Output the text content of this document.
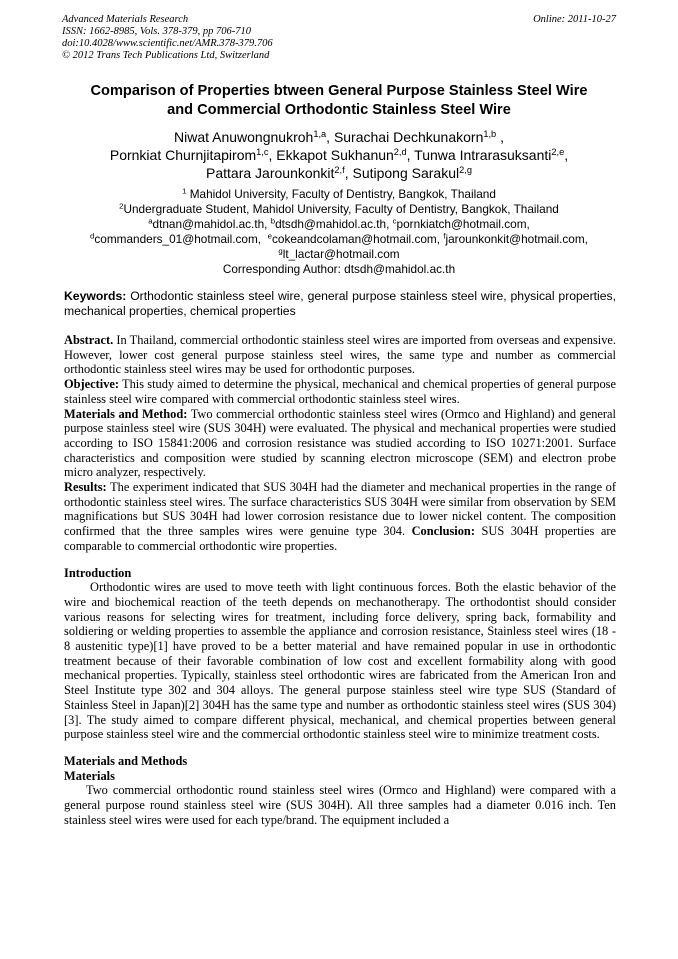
Advanced Materials Research
ISSN: 1662-8985, Vols. 378-379, pp 706-710
doi:10.4028/www.scientific.net/AMR.378-379.706
© 2012 Trans Tech Publications Ltd, Switzerland
Online: 2011-10-27
Comparison of Properties btween General Purpose Stainless Steel Wire
and Commercial Orthodontic Stainless Steel Wire
Niwat Anuwongnukroh$^{1,a}$, Surachai Dechkunakorn$^{1,b}$ ,
Pornkiat Churnjitapirom$^{1,c}$, Ekkapot Sukhanun$^{2,d}$, Tunwa Intrarasuksanti$^{2,e}$,
Pattara Jarounkonkit$^{2,f}$, Sutipong Sarakul$^{2,g}$
$^1$ Mahidol University, Faculty of Dentistry, Bangkok, Thailand
$^2$Undergraduate Student, Mahidol University, Faculty of Dentistry, Bangkok, Thailand
$^a$dtnan@mahidol.ac.th, $^b$dtsdh@mahidol.ac.th, $^c$pornkiatch@hotmail.com,
$^d$commanders_01@hotmail.com, $^e$cokeandcolaman@hotmail.com, $^f$jarounkonkit@hotmail.com,
$^g$lt_lactar@hotmail.com
Corresponding Author: dtsdh@mahidol.ac.th
Keywords: Orthodontic stainless steel wire, general purpose stainless steel wire, physical properties, mechanical properties, chemical properties

Abstract. In Thailand, commercial orthodontic stainless steel wires are imported from overseas and expensive. However, lower cost general purpose stainless steel wires, the same type and number as commercial orthodontic stainless steel wires may be used for orthodontic purposes.

Objective: This study aimed to determine the physical, mechanical and chemical properties of general purpose stainless steel wire compared with commercial orthodontic stainless steel wires.

Materials and Method: Two commercial orthodontic stainless steel wires (Ormco and Highland) and general purpose stainless steel wire (SUS 304H) were evaluated. The physical and mechanical properties were studied according to ISO 15841:2006 and corrosion resistance was studied according to ISO 10271:2001. Surface characteristics and composition were studied by scanning electron microscope (SEM) and electron probe micro analyzer, respectively.

Results: The experiment indicated that SUS 304H had the diameter and mechanical properties in the range of orthodontic stainless steel wires. The surface characteristics SUS 304H were similar from observation by SEM magnifications but SUS 304H had lower corrosion resistance due to lower nickel content. The composition confirmed that the three samples wires were genuine type 304. Conclusion: SUS 304H properties are comparable to commercial orthodontic wire properties.

Introduction

Orthodontic wires are used to move teeth with light continuous forces. Both the elastic behavior of the wire and biochemical reaction of the teeth depends on mechanotherapy. The orthodontist should consider various reasons for selecting wires for treatment, including force delivery, spring back, formability and soldiering or welding properties to assemble the appliance and corrosion resistance, Stainless steel wires (18 - 8 austenitic type)[1] have proved to be a better material and have remained popular in use in orthodontic treatment because of their favorable combination of low cost and excellent formability along with good mechanical properties. Typically, stainless steel orthodontic wires are fabricated from the American Iron and Steel Institute type 302 and 304 alloys. The general purpose stainless steel wire type SUS (Standard of Stainless Steel in Japan)[2] 304H has the same type and number as orthodontic stainless steel wires (SUS 304)[3]. The study aimed to compare different physical, mechanical, and chemical properties between general purpose stainless steel wire and the commercial orthodontic stainless steel wire to minimize treatment costs.

Materials and Methods

Materials

Two commercial orthodontic round stainless steel wires (Ormco and Highland) were compared with a general purpose round stainless steel wire (SUS 304H). All three samples had a diameter 0.016 inch. Ten stainless steel wires were used for each type/brand. The equipment included a
